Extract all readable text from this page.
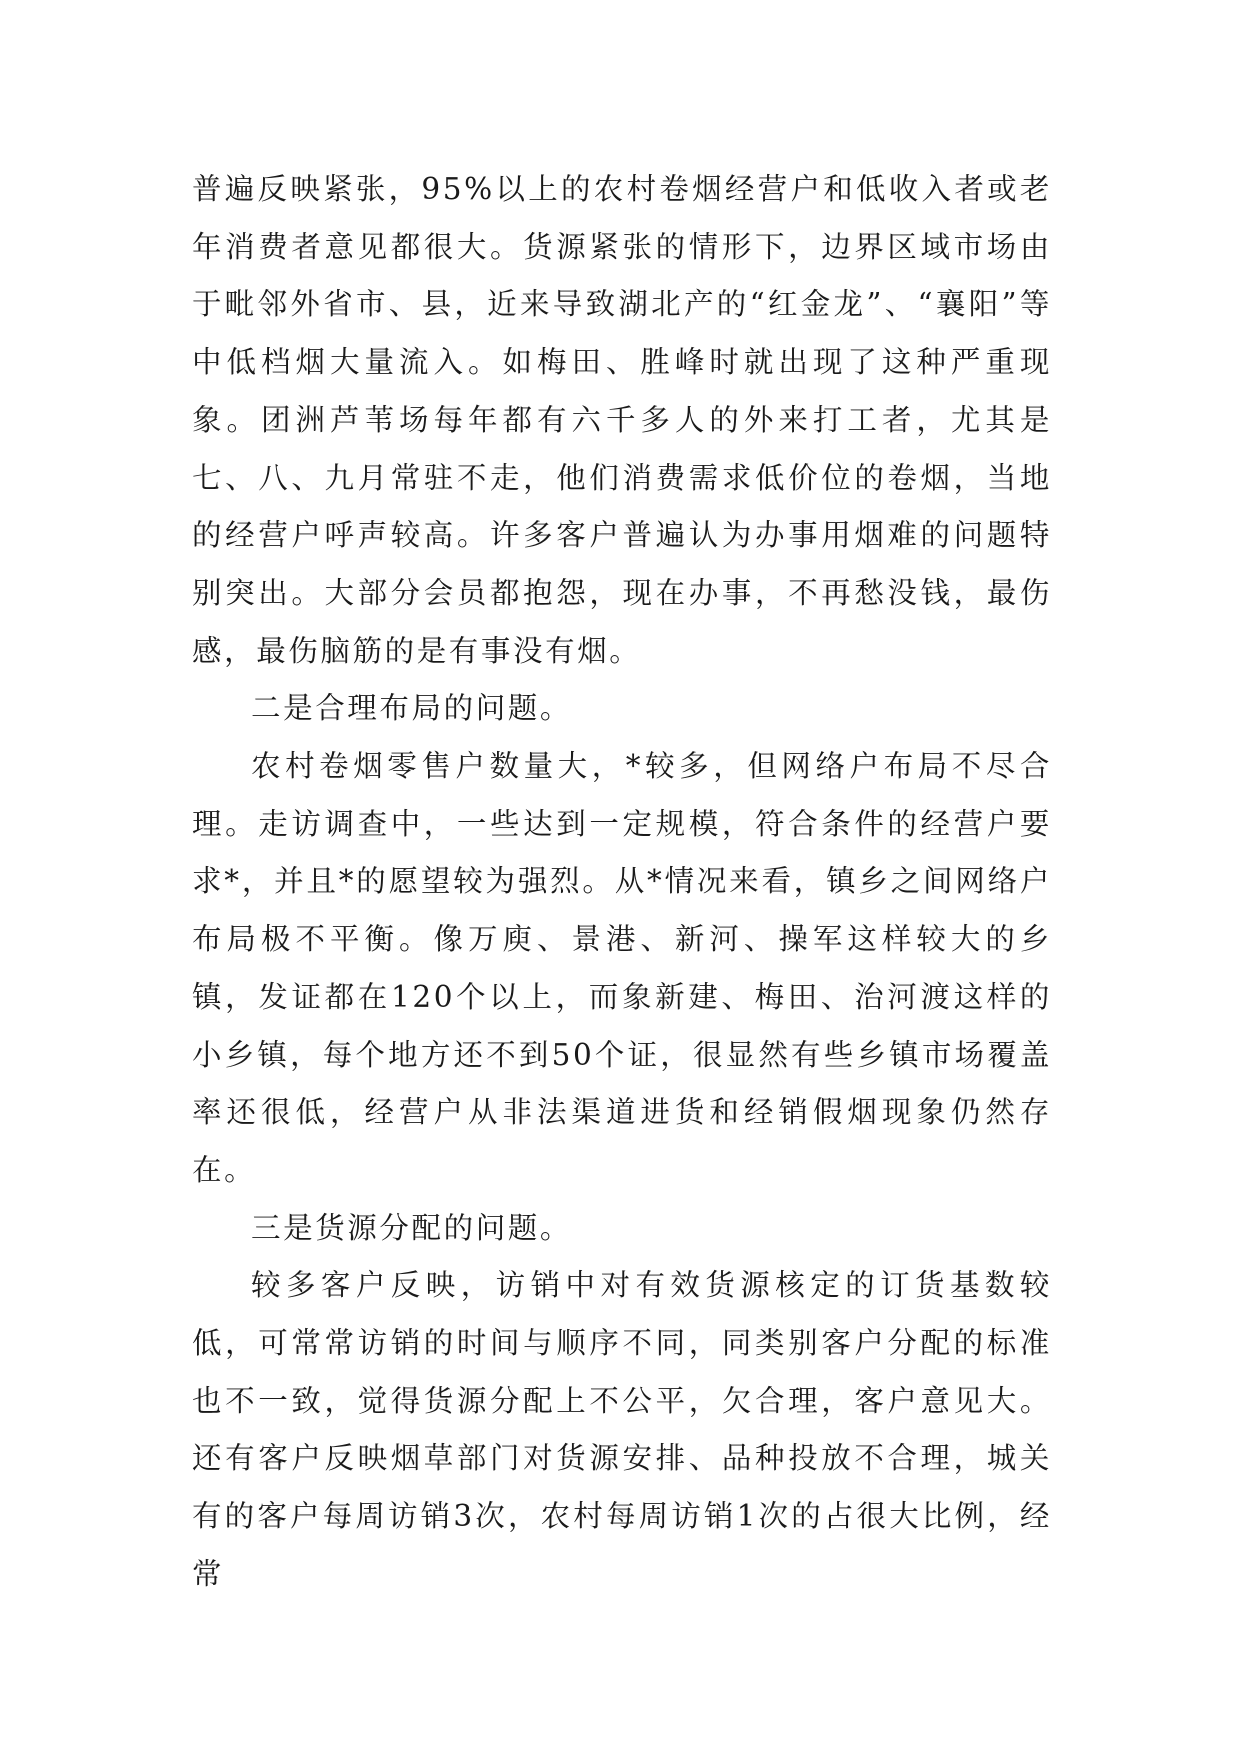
普遍反映紧张，95%以上的农村卷烟经营户和低收入者或老年消费者意见都很大。货源紧张的情形下，边界区域市场由于毗邻外省市、县，近来导致湖北产的“红金龙”、“襄阳”等中低档烟大量流入。如梅田、胜峰时就出现了这种严重现象。团洲芦苇场每年都有六千多人的外来打工者，尤其是七、八、九月常驻不走，他们消费需求低价位的卷烟，当地的经营户呼声较高。许多客户普遍认为办事用烟难的问题特别突出。大部分会员都抱怨，现在办事，不再愁没钱，最伤感，最伤脑筋的是有事没有烟。

二是合理布局的问题。

农村卷烟零售户数量大，*较多，但网络户布局不尽合理。走访调查中，一些达到一定规模，符合条件的经营户要求*，并且*的愿望较为强烈。从*情况来看，镇乡之间网络户布局极不平衡。像万庾、景港、新河、操军这样较大的乡镇，发证都在120个以上，而象新建、梅田、治河渡这样的小乡镇，每个地方还不到50个证，很显然有些乡镇市场覆盖率还很低，经营户从非法渠道进货和经销假烟现象仍然存在。

三是货源分配的问题。

较多客户反映，访销中对有效货源核定的订货基数较低，可常常访销的时间与顺序不同，同类别客户分配的标准也不一致，觉得货源分配上不公平，欠合理，客户意见大。还有客户反映烟草部门对货源安排、品种投放不合理，城关有的客户每周访销3次，农村每周访销1次的占很大比例，经常
